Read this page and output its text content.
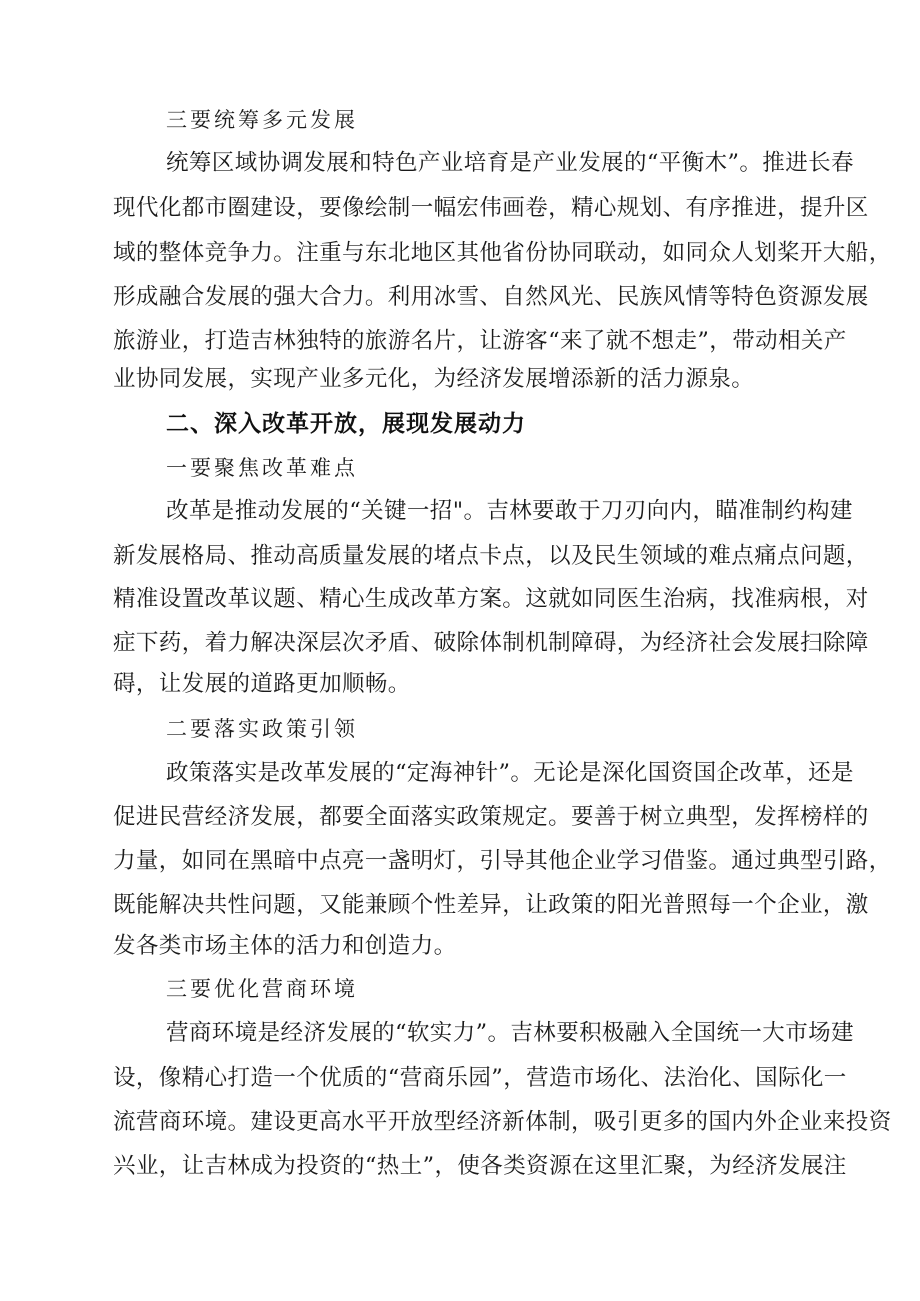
三要统筹多元发展
统筹区域协调发展和特色产业培育是产业发展的“平衡木”。推进长春
现代化都市圈建设，要像绘制一幅宏伟画卷，精心规划、有序推进，提升区
域的整体竞争力。注重与东北地区其他省份协同联动，如同众人划桨开大船，
形成融合发展的强大合力。利用冰雪、自然风光、民族风情等特色资源发展
旅游业，打造吉林独特的旅游名片，让游客“来了就不想走”，带动相关产
业协同发展，实现产业多元化，为经济发展增添新的活力源泉。
二、深入改革开放，展现发展动力
一要聚焦改革难点
改革是推动发展的“关键一招"。吉林要敢于刀刃向内，瞄准制约构建
新发展格局、推动高质量发展的堵点卡点，以及民生领域的难点痛点问题，
精准设置改革议题、精心生成改革方案。这就如同医生治病，找准病根，对
症下药，着力解决深层次矛盾、破除体制机制障碍，为经济社会发展扫除障
碍，让发展的道路更加顺畅。
二要落实政策引领
政策落实是改革发展的“定海神针”。无论是深化国资国企改革，还是
促进民营经济发展，都要全面落实政策规定。要善于树立典型，发挥榜样的
力量，如同在黑暗中点亮一盏明灯，引导其他企业学习借鉴。通过典型引路，
既能解决共性问题，又能兼顾个性差异，让政策的阳光普照每一个企业，激
发各类市场主体的活力和创造力。
三要优化营商环境
营商环境是经济发展的“软实力”。吉林要积极融入全国统一大市场建
设，像精心打造一个优质的“营商乐园”，营造市场化、法治化、国际化一
流营商环境。建设更高水平开放型经济新体制，吸引更多的国内外企业来投资
兴业，让吉林成为投资的“热土”，使各类资源在这里汇聚，为经济发展注
